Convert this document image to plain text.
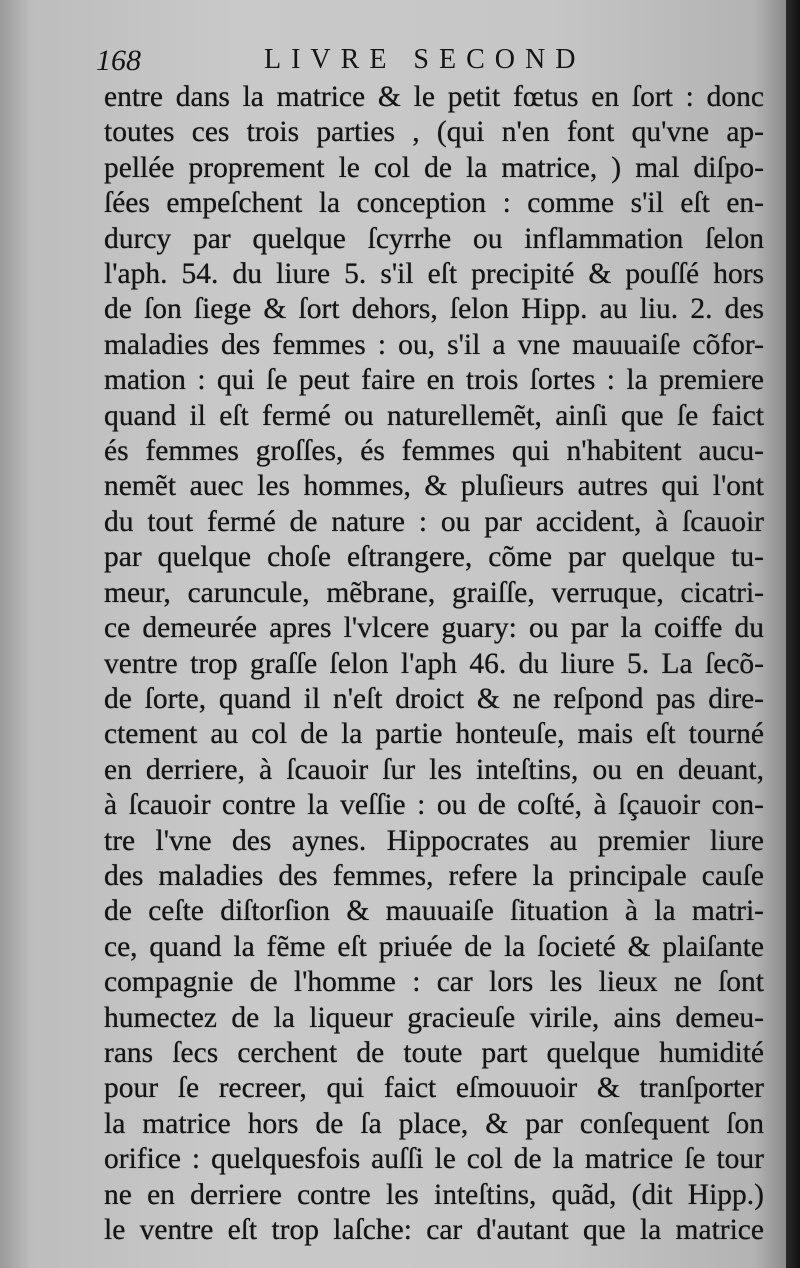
168	LIVRE SECOND
entre dans la matrice & le petit fœtus en ſort : donc
toutes ces trois parties , (qui n'en font qu'vne ap-
pellée proprement le col de la matrice, ) mal diſpo-
ſées empeſchent la conception : comme s'il eſt en-
durcy par quelque ſcyrrhe ou inflammation ſelon
l'aph. 54. du liure 5. s'il eſt precipité & pouſſé hors
de ſon ſiege & ſort dehors, ſelon Hipp. au liu. 2. des
maladies des femmes : ou, s'il a vne mauuaiſe cõfor-
mation : qui ſe peut faire en trois ſortes : la premiere
quand il eſt fermé ou naturellemẽt, ainſi que ſe faict
és femmes groſſes, és femmes qui n'habitent aucu-
nemẽt auec les hommes, & pluſieurs autres qui l'ont
du tout fermé de nature : ou par accident, à ſcauoir
par quelque choſe eſtrangere, cõme par quelque tu-
meur, caruncule, mẽbrane, graiſſe, verruque, cicatri-
ce demeurée apres l'vlcere guary: ou par la coiffe du
ventre trop graſſe ſelon l'aph 46. du liure 5. La ſecõ-
de ſorte, quand il n'eſt droict & ne reſpond pas dire-
ctement au col de la partie honteuſe, mais eſt tourné
en derriere, à ſcauoir ſur les inteſtins, ou en deuant,
à ſcauoir contre la veſſie : ou de coſté, à ſçauoir con-
tre l'vne des aynes. Hippocrates au premier liure
des maladies des femmes, refere la principale cauſe
de ceſte diſtorſion & mauuaiſe ſituation à la matri-
ce, quand la fẽme eſt priuée de la ſocieté & plaiſante
compagnie de l'homme : car lors les lieux ne ſont
humectez de la liqueur gracieuſe virile, ains demeu-
rans ſecs cerchent de toute part quelque humidité
pour ſe recreer, qui faict eſmouuoir & tranſporter
la matrice hors de ſa place, & par conſequent ſon
orifice : quelquesfois auſſi le col de la matrice ſe tour
ne en derriere contre les inteſtins, quãd, (dit Hipp.)
le ventre eſt trop laſche: car d'autant que la matrice
